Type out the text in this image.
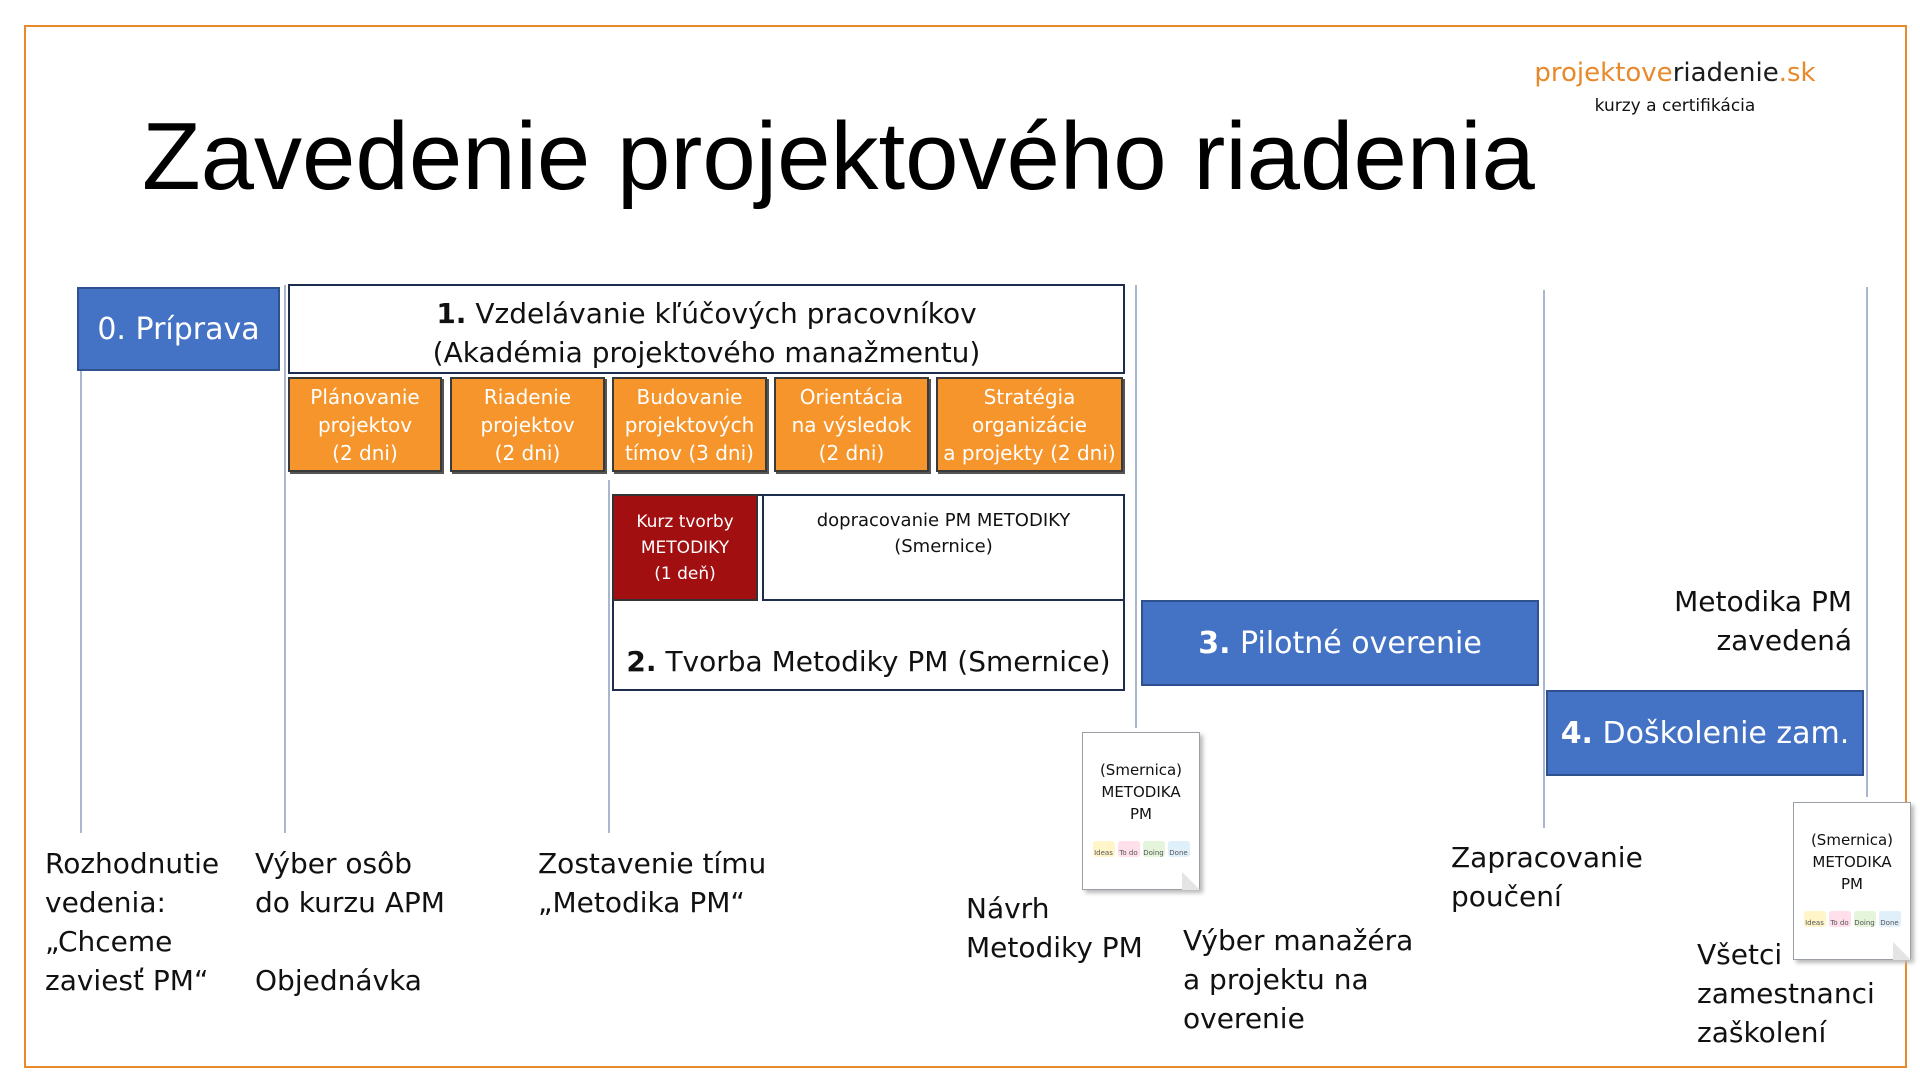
projektoveriadenie.sk
kurzy a certifikácia
Zavedenie projektového riadenia
0. Príprava	1. Vzdelávanie kľúčových pracovníkov
(Akadémia projektového manažmentu)
Plánovanie
projektov
(2 dni)
Riadenie
projektov
(2 dni)
Budovanie
projektových
tímov (3 dni)
Orientácia
na výsledok
(2 dni)
Stratégia
organizácie
a projekty (2 dni)
Kurz tvorby
METODIKY
(1 deň)
dopracovanie PM METODIKY
(Smernice)
2. Tvorba Metodiky PM (Smernice)
3. Pilotné overenie
4. Doškolenie zam.
(Smernica)
METODIKA
PM
Ideas To do Doing Done
(Smernica)
METODIKA
PM
Ideas To do Doing Done
Rozhodnutie
vedenia:
„Chceme
zaviesť PM“
Výber osôb
do kurzu APM
Objednávka
Zostavenie tímu
„Metodika PM“	Návrh
Metodiky PM Výber manažéra
a projektu na
overenie
Zapracovanie
poučení
Metodika PM
zavedená
Všetci
zamestnanci
zaškolení
